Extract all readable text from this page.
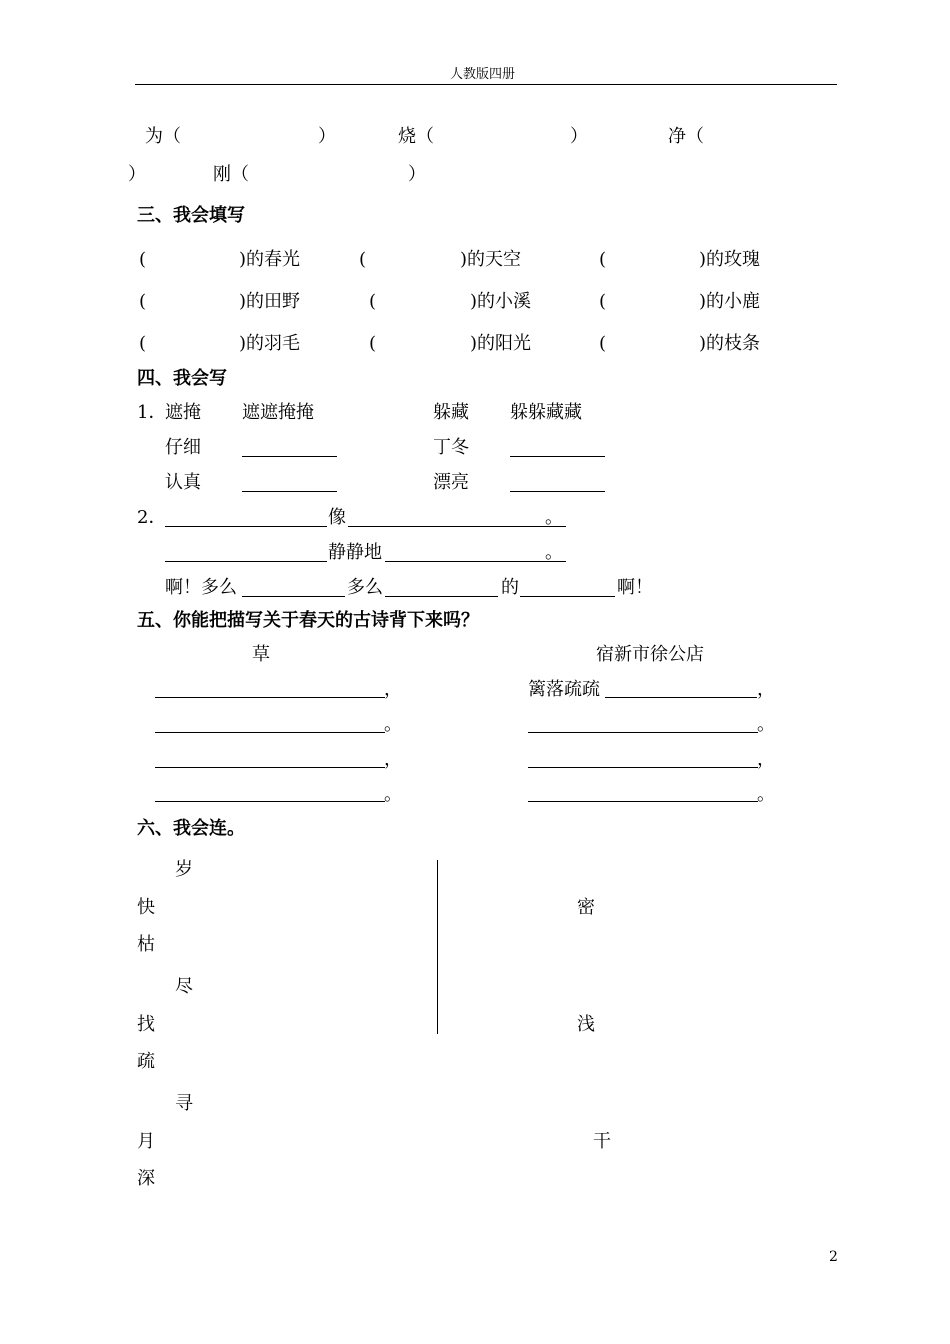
人教版四册
为（	）	烧（	）	净（
）	刚（	）
三、我会填写
(	)的春光	(	)的天空	(	)的玫瑰
(	)的田野	(	)的小溪	(	)的小鹿
(	)的羽毛	(	)的阳光	(	)的枝条
四、我会写
1．
遮掩 遮遮掩掩	躲藏 躲躲藏藏
仔细	丁冬
认真	漂亮
2．	像	。
静静地	。
啊！多么	多么	的	啊！
五、你能把描写关于春天的古诗背下来吗？
草	宿新市徐公店
，	篱落疏疏	，
。	。
，	，
。	。
六、我会连。
岁
快
枯
尽
找
疏
寻
月
深
密
浅
干
2
